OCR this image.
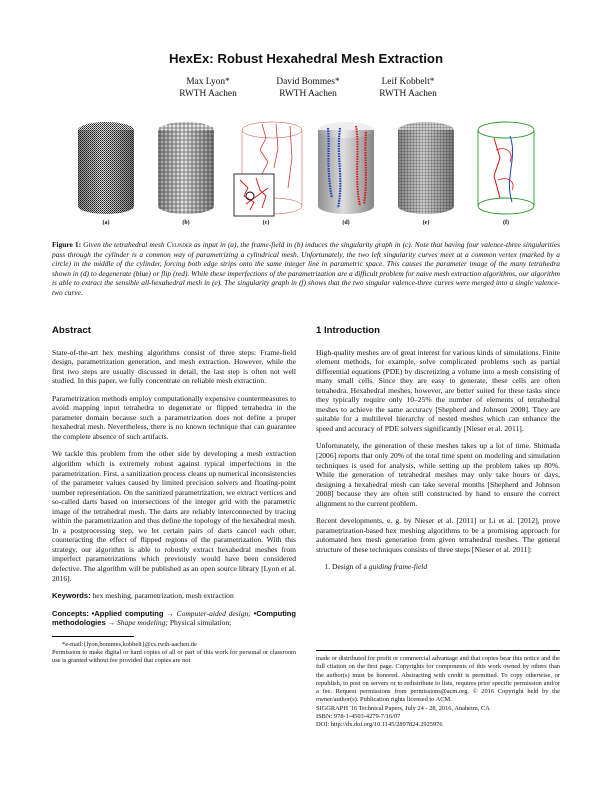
HexEx: Robust Hexahedral Mesh Extraction
Max Lyon*
RWTH Aachen
David Bommes*
RWTH Aachen
Leif Kobbelt*
RWTH Aachen
(a)	(b)	(c)	(d)	(e)	(f)
Figure 1: Given the tetrahedral mesh Cylinder as input in (a), the frame-field in (b) induces the singularity graph in (c). Note that having four valence-three singularities pass through the cylinder is a common way of parametrizing a cylindrical mesh. Unfortunately, the two left singularity curves meet at a common vertex (marked by a circle) in the middle of the cylinder, forcing both edge strips onto the same integer line in parametric space. This causes the parameter image of the many tetrahedra shown in (d) to degenerate (blue) or flip (red). While these imperfections of the parametrization are a difficult problem for naive mesh extraction algorithms, our algorithm is able to extract the sensible all-hexahedral mesh in (e). The singularity graph in (f) shows that the two singular valence-three curves were merged into a single valence-two curve.
Abstract

State-of-the-art hex meshing algorithms consist of three steps: Frame-field design, parametrization generation, and mesh extraction. However, while the first two steps are usually discussed in detail, the last step is often not well studied. In this paper, we fully concentrate on reliable mesh extraction.

Parametrization methods employ computationally expensive countermeasures to avoid mapping input tetrahedra to degenerate or flipped tetrahedra in the parameter domain because such a parametrization does not define a proper hexahedral mesh. Nevertheless, there is no known technique that can guarantee the complete absence of such artifacts.

We tackle this problem from the other side by developing a mesh extraction algorithm which is extremely robust against typical imperfections in the parametrization. First, a sanitization process cleans up numerical inconsistencies of the parameter values caused by limited precision solvers and floating-point number representation. On the sanitized parametrization, we extract vertices and so-called darts based on intersections of the integer grid with the parametric image of the tetrahedral mesh. The darts are reliably interconnected by tracing within the parametrization and thus define the topology of the hexahedral mesh. In a postprocessing step, we let certain pairs of darts cancel each other, counteracting the effect of flipped regions of the parametrization. With this strategy, our algorithm is able to robustly extract hexahedral meshes from imperfect parametrizations which previously would have been considered defective. The algorithm will be published as an open source library [Lyon et al. 2016].

Keywords: hex meshing, parametrization, mesh extraction

Concepts: •Applied computing → Computer-aided design; •Computing methodologies → Shape modeling; Physical simulation;

*e-mail:{lyon,bommes,kobbelt}@cs.rwth-aachen.de
Permission to make digital or hard copies of all or part of this work for personal or classroom use is granted without fee provided that copies are not
1 Introduction

High-quality meshes are of great interest for various kinds of simulations. Finite element methods, for example, solve complicated problems such as partial differential equations (PDE) by discretizing a volume into a mesh consisting of many small cells. Since they are easy to generate, these cells are often tetrahedra. Hexahedral meshes, however, are better suited for these tasks since they typically require only 10–25% the number of elements of tetrahedral meshes to achieve the same accuracy [Shepherd and Johnson 2008]. They are suitable for a multilevel hierarchy of nested meshes which can enhance the speed and accuracy of PDE solvers significantly [Nieser et al. 2011].

Unfortunately, the generation of these meshes takes up a lot of time. Shimada [2006] reports that only 20% of the total time spent on modeling and simulation techniques is used for analysis, while setting up the problem takes up 80%. While the generation of tetrahedral meshes may only take hours or days, designing a hexahedral mesh can take several months [Shepherd and Johnson 2008] because they are often still constructed by hand to ensure the correct alignment to the current problem.

Recent developments, e. g. by Nieser et al. [2011] or Li et al. [2012], prove parametrization-based hex meshing algorithms to be a promising approach for automated hex mesh generation from given tetrahedral meshes. The general structure of these techniques consists of three steps [Nieser et al. 2011]:

1. Design of a guiding frame-field
made or distributed for profit or commercial advantage and that copies bear this notice and the full citation on the first page. Copyrights for components of this work owned by others than the author(s) must be honored. Abstracting with credit is permitted. To copy otherwise, or republish, to post on servers or to redistribute to lists, requires prior specific permission and/or a fee. Request permissions from permissions@acm.org. © 2016 Copyright held by the owner/author(s). Publication rights licensed to ACM.
SIGGRAPH '16 Technical Papers, July 24 - 28, 2016, Anaheim, CA
ISBN: 978-1-4503-4279-7/16/07
DOI: http://dx.doi.org/10.1145/2897824.2925976
